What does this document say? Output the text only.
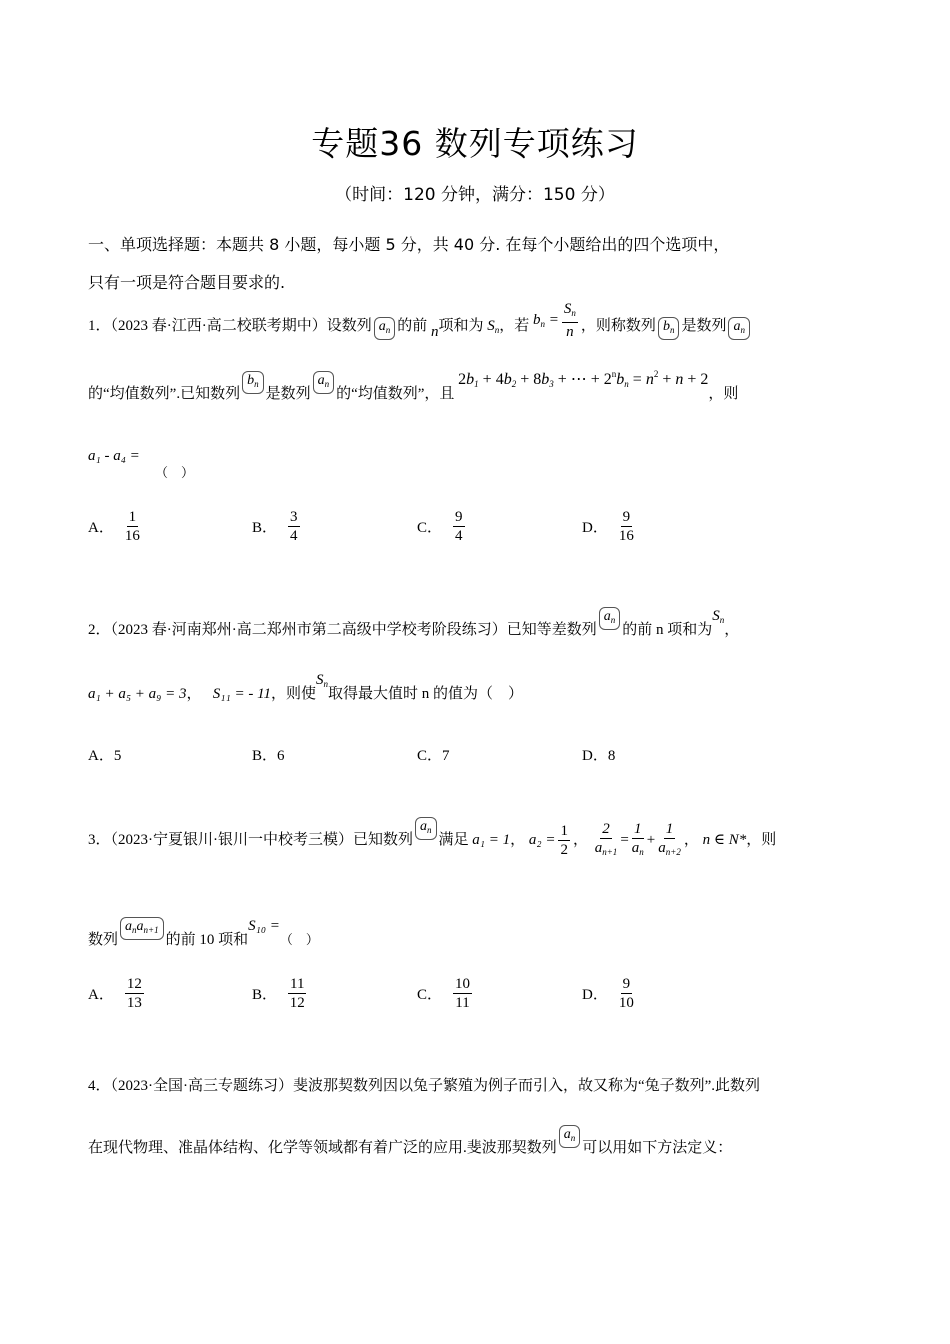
专题36 数列专项练习
（时间：120 分钟，满分：150 分）
一、单项选择题：本题共 8 小题，每小题 5 分，共 40 分. 在每个小题给出的四个选项中，
只有一项是符合题目要求的.
1．（2023 春·江西·高二校联考期中）设数列 $a_n$ 的前 n项和为 $S_n$，若 $b_n = \frac{S_n}{n}$ ，则称数列 $b_n$ 是数列 $a_n$
的“均值数列”.已知数列$b_n$是数列$a_n$的“均值数列”，且 $2b_1 + 4b_2 + 8b_3$ + ⋯ + $2^nb_n = n^2 + n + 2$，则
a₁ - a₄ =
（　）
A． $\frac{1}{16}$	B． $\frac{3}{4}$	C． $\frac{9}{4}$	D． $\frac{9}{16}$
2．（2023 春·河南郑州·高二郑州市第二高级中学校考阶段练习）已知等差数列$a_n$的前 n 项和为$S_n$，
a₁ + a₅ + a₉ = 3，　 S₁₁ = - 11，则使$S_n$取得最大值时 n 的值为（　）
A．5	B．6	C．7	D．8
3．（2023·宁夏银川·银川一中校考三模）已知数列$a_n$满足 a₁ = 1， $a_2 = \frac{1}{2}$ ， $\frac{2}{a_{n+1}} = \frac{1}{a_n} + \frac{1}{a_{n+2}}$ ， n ∈ N*，则
数列$a_na_{n+1}$的前 10 项和S₁₀ =（　）
A． $\frac{12}{13}$	B． $\frac{11}{12}$	C． $\frac{10}{11}$	D． $\frac{9}{10}$
4．（2023·全国·高三专题练习）斐波那契数列因以兔子繁殖为例子而引入，故又称为“兔子数列”.此数列
在现代物理、准晶体结构、化学等领域都有着广泛的应用.斐波那契数列$a_n$可以用如下方法定义：
